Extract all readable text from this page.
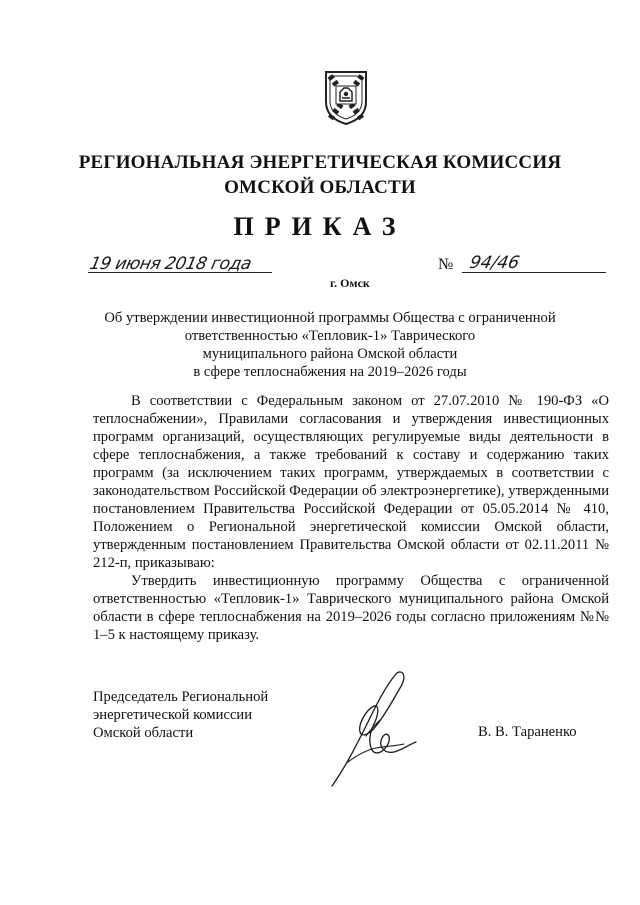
РЕГИОНАЛЬНАЯ ЭНЕРГЕТИЧЕСКАЯ КОМИССИЯ
ОМСКОЙ ОБЛАСТИ
ПРИКАЗ
19 июня 2018 года
г. Омск
№ 94/46
Об утверждении инвестиционной программы Общества с ограниченной
ответственностью «Тепловик-1» Таврического
муниципального района Омской области
в сфере теплоснабжения на 2019–2026 годы

В соответствии с Федеральным законом от 27.07.2010 № 190-ФЗ «О теплоснабжении», Правилами согласования и утверждения инвестиционных программ организаций, осуществляющих регулируемые виды деятельности в сфере теплоснабжения, а также требований к составу и содержанию таких программ (за исключением таких программ, утверждаемых в соответствии с законодательством Российской Федерации об электроэнергетике), утвержденными постановлением Правительства Российской Федерации от 05.05.2014 № 410, Положением о Региональной энергетической комиссии Омской области, утвержденным постановлением Правительства Омской области от 02.11.2011 № 212-п, приказываю:

Утвердить инвестиционную программу Общества с ограниченной ответственностью «Тепловик-1» Таврического муниципального района Омской области в сфере теплоснабжения на 2019–2026 годы согласно приложениям №№ 1–5 к настоящему приказу.

Председатель Региональной
энергетической комиссии
Омской области	В. В. Тараненко
